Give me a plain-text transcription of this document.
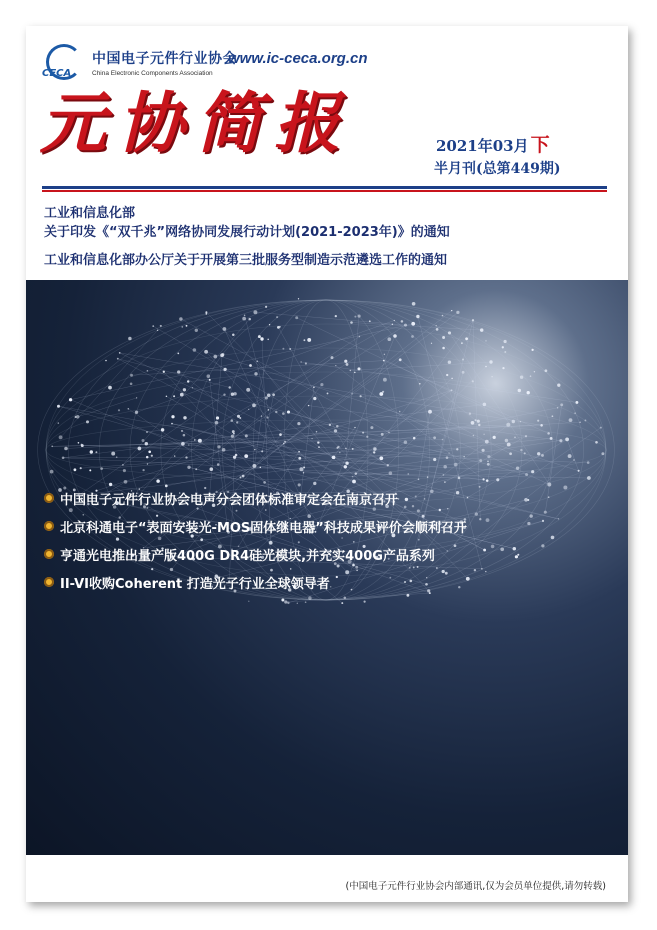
CECA
中国电子元件行业协会
China Electronic Components Association
www.ic-ceca.org.cn
元协简报	2021年03月 下
半月刊(总第449期)
工业和信息化部
关于印发《“双千兆”网络协同发展行动计划(2021-2023年)》的通知
工业和信息化部办公厅关于开展第三批服务型制造示范遴选工作的通知
中国电子元件行业协会电声分会团体标准审定会在南京召开
北京科通电子“表面安装光-MOS固体继电器”科技成果评价会顺利召开
亨通光电推出量产版400G DR4硅光模块,并充实400G产品系列
II-VI收购Coherent 打造光子行业全球领导者
(中国电子元件行业协会内部通讯,仅为会员单位提供,请勿转载)
